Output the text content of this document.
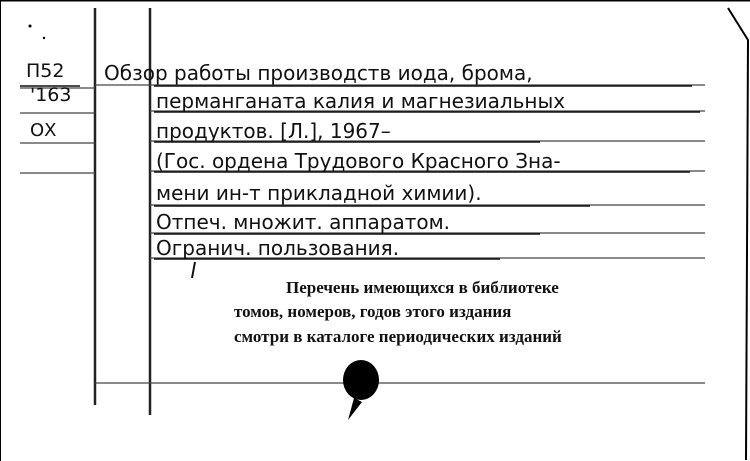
П52
'163
ОХ
Обзор работы производств иода, брома,
перманганата калия и магнезиальных
продуктов. [Л.], 1967–
(Гос. ордена Трудового Красного Зна-
мени ин-т прикладной химии).
Отпеч. множит. аппаратом.
Огранич. пользования.
Перечень имеющихся в библиотеке
томов, номеров, годов этого издания
смотри в каталоге периодических изданий
